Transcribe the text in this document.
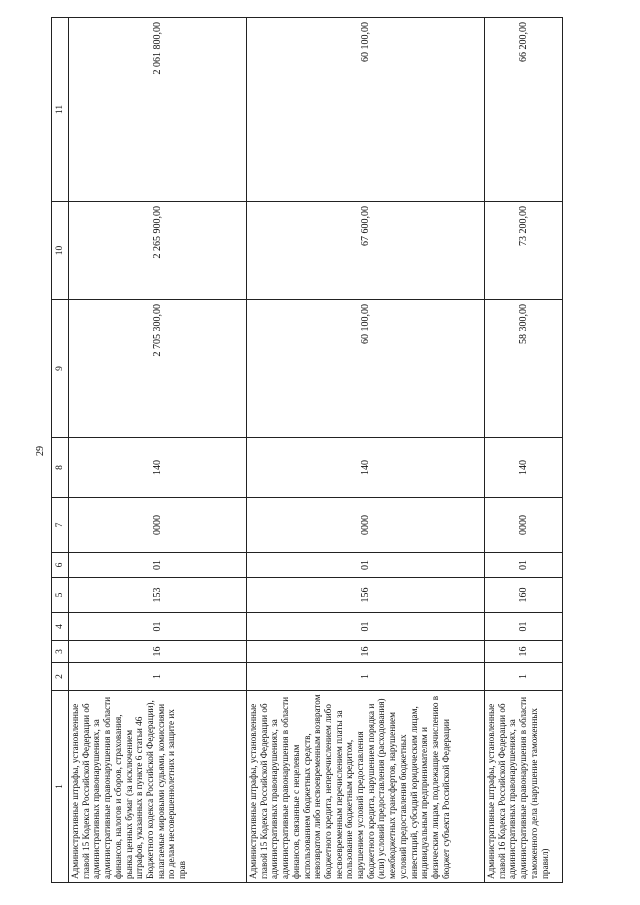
29
1	2	3	4	5	6	7	8	9	10	11
Административные штрафы, установленные главой 15 Кодекса Российской Федерации об административных правонарушениях, за административные правонарушения в области финансов, налогов и сборов, страхования, рынка ценных бумаг (за исключением штрафов, указанных в пункте 6 статьи 46 Бюджетного кодекса Российской Федерации), налагаемые мировыми судьями, комиссиями по делам несовершеннолетних и защите их прав	1	16	01	153	01	0000	140	2 705 300,00	2 265 900,00	2 061 800,00
Административные штрафы, установленные главой 15 Кодекса Российской Федерации об административных правонарушениях, за административные правонарушения в области финансов, связанные с нецелевым использованием бюджетных средств, невозвратом либо несвоевременным возвратом бюджетного кредита, неперечислением либо несвоевременным перечислением платы за пользование бюджетным кредитом, нарушением условий предоставления бюджетного кредита, нарушением порядка и (или) условий предоставления (расходования) межбюджетных трансфертов, нарушением условий предоставления бюджетных инвестиций, субсидий юридическим лицам, индивидуальным предпринимателям и физическим лицам, подлежащие зачислению в бюджет субъекта Российской Федерации	1	16	01	156	01	0000	140	60 100,00	67 600,00	60 100,00
Административные штрафы, установленные главой 16 Кодекса Российской Федерации об административных правонарушениях, за административные правонарушения в области таможенного дела (нарушение таможенных правил)	1	16	01	160	01	0000	140	58 300,00	73 200,00	66 200,00
